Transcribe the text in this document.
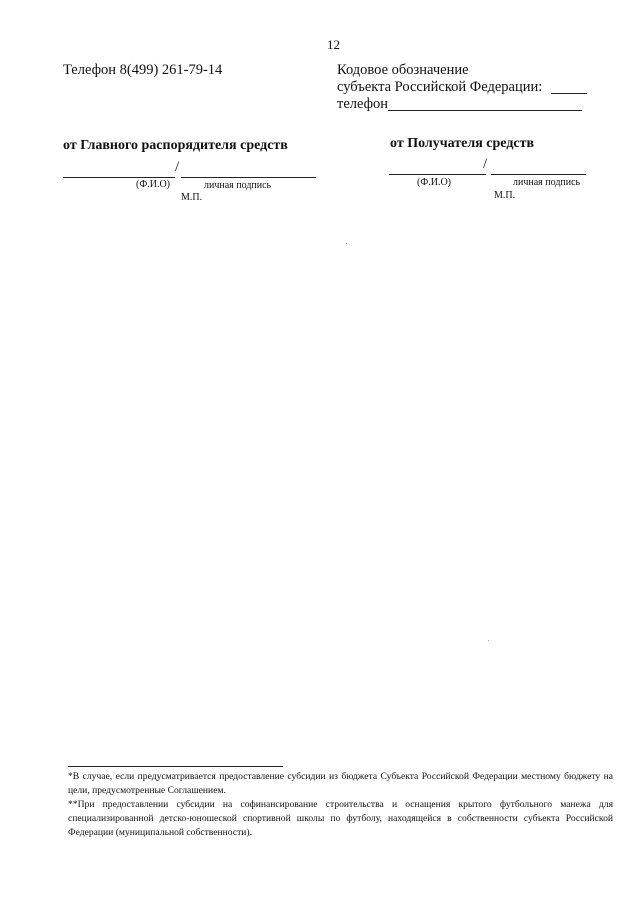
12
Телефон 8(499) 261-79-14	Кодовое обозначение
субъекта Российской Федерации:
телефон
от Главного распорядителя средств
/
(Ф.И.О)	личная подпись
М.П.
от Получателя средств
/
(Ф.И.О)	личная подпись
М.П.
*В случае, если предусматривается предоставление субсидии из бюджета Субъекта Российской Федерации местному бюджету на цели, предусмотренные Соглашением.
**При предоставлении субсидии на софинансирование строительства и оснащения крытого футбольного манежа для специализированной детско-юношеской спортивной школы по футболу, находящейся в собственности субъекта Российской Федерации (муниципальной собственности).
